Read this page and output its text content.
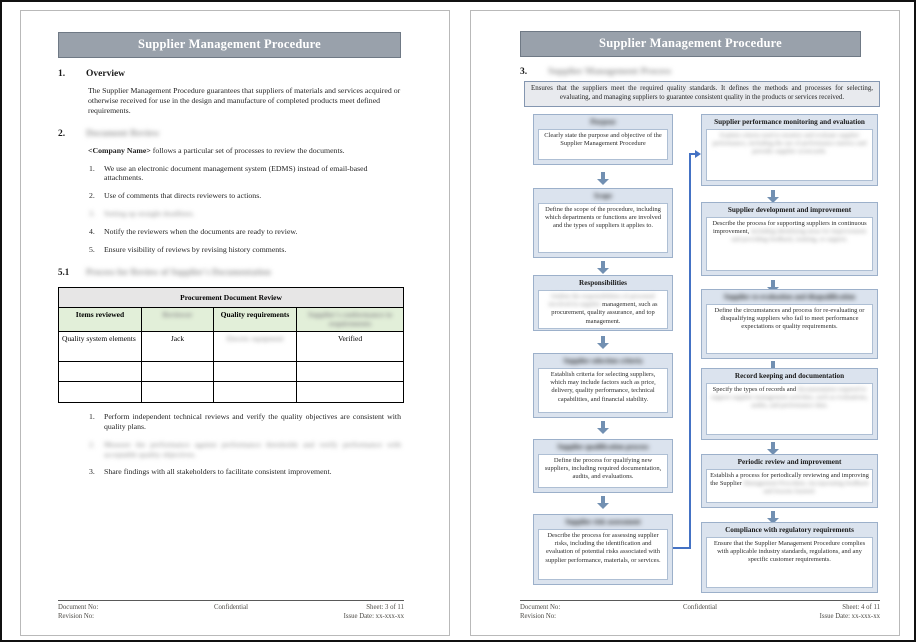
Supplier Management Procedure
1.	Overview
The Supplier Management Procedure guarantees that suppliers of materials and services acquired or otherwise received for use in the design and manufacture of completed products meet defined requirements.
2.	Document Review
<Company Name> follows a particular set of processes to review the documents.
1.	We use an electronic document management system (EDMS) instead of email-based attachments.
2.	Use of comments that directs reviewers to actions.
3.	Setting up straight deadlines.
4.	Notify the reviewers when the documents are ready to review.
5.	Ensure visibility of reviews by revising history comments.
5.1	Process for Review of Supplier's Documentation
Procurement Document Review			
Items reviewed	Reviewer	Quality requirements	Supplier's conformance to requirements
Quality system elements	Jack	Electric equipment	Verified

1.	Perform independent technical reviews and verify the quality objectives are consistent with quality plans.
2.	Measure the performance against performance thresholds and verify performance with acceptable quality objectives.
3.	Share findings with all stakeholders to facilitate consistent improvement.
Document No:
Revision No:
Confidential	Sheet: 3 of 11
Issue Date: xx-xxx-xx
Supplier Management Procedure
3.	Supplier Management Process
Ensures that the suppliers meet the required quality standards. It defines the methods and processes for selecting, evaluating, and managing suppliers to guarantee consistent quality in the products or services received.
Purpose
Clearly state the purpose and objective of the Supplier Management Procedure
Scope
Define the scope of the procedure, including which departments or functions are involved and the types of suppliers it applies to.
Responsibilities
Outline the responsibilities of personnel involved in supplier management, such as procurement, quality assurance, and top management.
Supplier selection criteria
Establish criteria for selecting suppliers, which may include factors such as price, delivery, quality performance, technical capabilities, and financial stability.
Supplier qualification process
Define the process for qualifying new suppliers, including required documentation, audits, and evaluations.
Supplier risk assessment
Describe the process for assessing supplier risks, including the identification and evaluation of potential risks associated with supplier performance, materials, or services.
Supplier performance monitoring and evaluation
Explain criteria used to monitor and evaluate supplier performance, including the use of performance metrics and periodic supplier scorecards.
Supplier development and improvement
Describe the process for supporting suppliers in continuous improvement, including identifying areas for improvement and providing feedback, training, or support.
Supplier re-evaluation and disqualification
Define the circumstances and process for re-evaluating or disqualifying suppliers who fail to meet performance expectations or quality requirements.
Record keeping and documentation
Specify the types of records and documentation required to support supplier management activities, such as evaluations, audits, and performance data.
Periodic review and improvement
Establish a process for periodically reviewing and improving the Supplier Management Procedure, incorporating feedback and lessons learned.
Compliance with regulatory requirements
Ensure that the Supplier Management Procedure complies with applicable industry standards, regulations, and any specific customer requirements.
Document No:
Revision No:
Confidential	Sheet: 4 of 11
Issue Date: xx-xxx-xx
